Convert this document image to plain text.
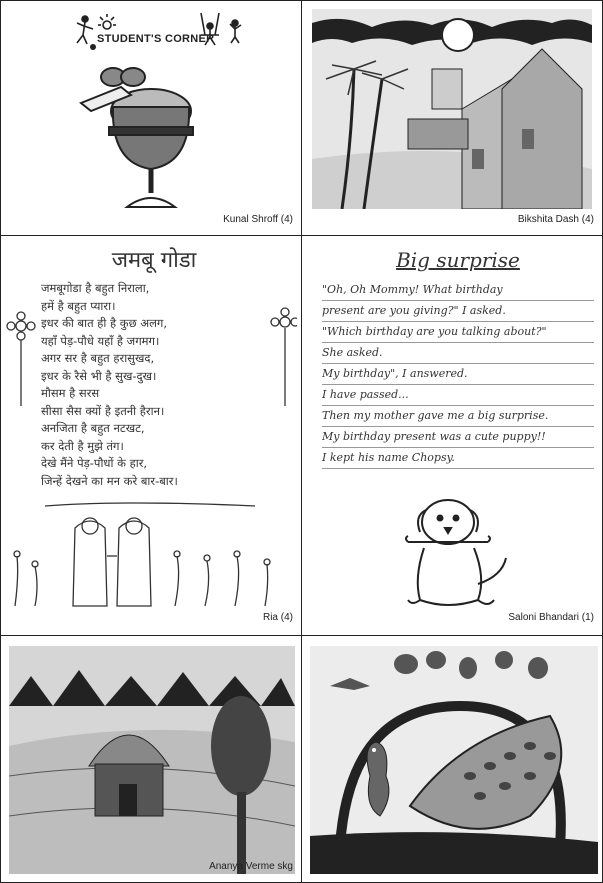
STUDENT'S CORNER
Kunal Shroff (4)	Bikshita Dash (4)
जमबू गोडा
जमबूगोडा है बहुत निराला,
हमें है बहुत प्यारा।
इधर की बात ही है कुछ अलग,
यहाँ पेड़-पौधे यहाँ है जगमग।
अगर सर है बहुत हरासुखद,
इधर के रैसे भी है सुख-दुख।
मौसम है सरस
सीसा सैस क्यों है इतनी हैरान।
अनजिता है बहुत नटखट,
कर देती है मुझे तंग।
देखे मैंने पेड़-पौधों के हार,
जिन्हें देखने का मन करे बार-बार।
Ria (4)
Big surprise
"Oh, Oh Mommy! What birthday
present are you giving?" I asked.
"Which birthday are you talking about?"
She asked.
My birthday", I answered.
I have passed...
Then my mother gave me a big surprise.
My birthday present was a cute puppy!!
I kept his name Chopsy.
Saloni Bhandari (1)
Ananya Verme skg	Ansi Dholu skg
